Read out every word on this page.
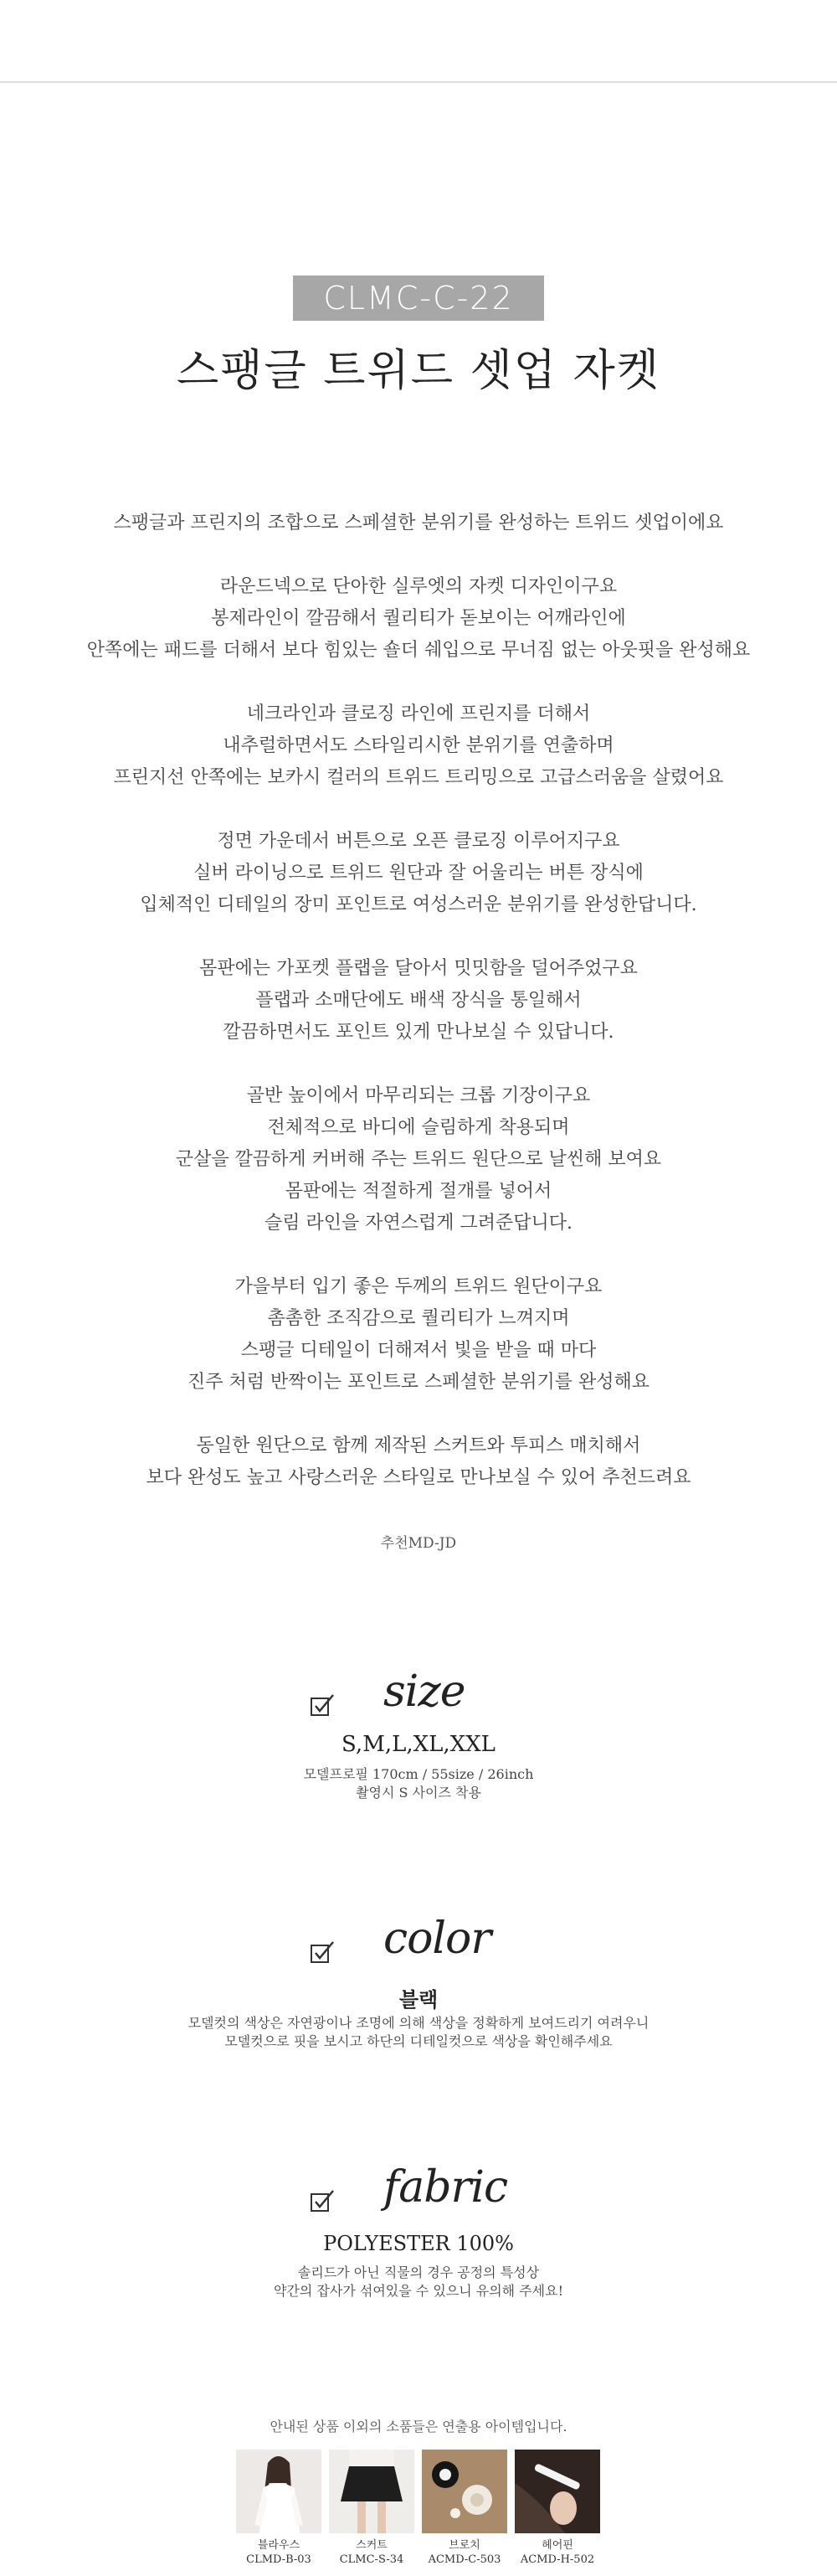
CLMC-C-22
스팽글 트위드 셋업 자켓

스팽글과 프린지의 조합으로 스페셜한 분위기를 완성하는 트위드 셋업이에요

라운드넥으로 단아한 실루엣의 자켓 디자인이구요
봉제라인이 깔끔해서 퀄리티가 돋보이는 어깨라인에
안쪽에는 패드를 더해서 보다 힘있는 숄더 쉐입으로 무너짐 없는 아웃핏을 완성해요

네크라인과 클로징 라인에 프린지를 더해서
내추럴하면서도 스타일리시한 분위기를 연출하며
프린지선 안쪽에는 보카시 컬러의 트위드 트리밍으로 고급스러움을 살렸어요

정면 가운데서 버튼으로 오픈 클로징 이루어지구요
실버 라이닝으로 트위드 원단과 잘 어울리는 버튼 장식에
입체적인 디테일의 장미 포인트로 여성스러운 분위기를 완성한답니다.

몸판에는 가포켓 플랩을 달아서 밋밋함을 덜어주었구요
플랩과 소매단에도 배색 장식을 통일해서
깔끔하면서도 포인트 있게 만나보실 수 있답니다.

골반 높이에서 마무리되는 크롭 기장이구요
전체적으로 바디에 슬림하게 착용되며
군살을 깔끔하게 커버해 주는 트위드 원단으로 날씬해 보여요
몸판에는 적절하게 절개를 넣어서
슬림 라인을 자연스럽게 그려준답니다.

가을부터 입기 좋은 두께의 트위드 원단이구요
촘촘한 조직감으로 퀄리티가 느껴지며
스팽글 디테일이 더해져서 빛을 받을 때 마다
진주 처럼 반짝이는 포인트로 스페셜한 분위기를 완성해요

동일한 원단으로 함께 제작된 스커트와 투피스 매치해서
보다 완성도 높고 사랑스러운 스타일로 만나보실 수 있어 추천드려요

추천MD-JD
size
S,M,L,XL,XXL
모델프로필 170cm / 55size / 26inch
촬영시 S 사이즈 착용
color
블랙
모델컷의 색상은 자연광이나 조명에 의해 색상을 정확하게 보여드리기 여려우니
모델컷으로 핏을 보시고 하단의 디테일컷으로 색상을 확인해주세요
fabric
POLYESTER 100%
솔리드가 아닌 직물의 경우 공정의 특성상
약간의 잡사가 섞여있을 수 있으니 유의해 주세요!
안내된 상품 이외의 소품들은 연출용 아이템입니다.
블라우스
CLMD-B-03
스커트
CLMC-S-34
브로치
ACMD-C-503
헤어핀
ACMD-H-502
